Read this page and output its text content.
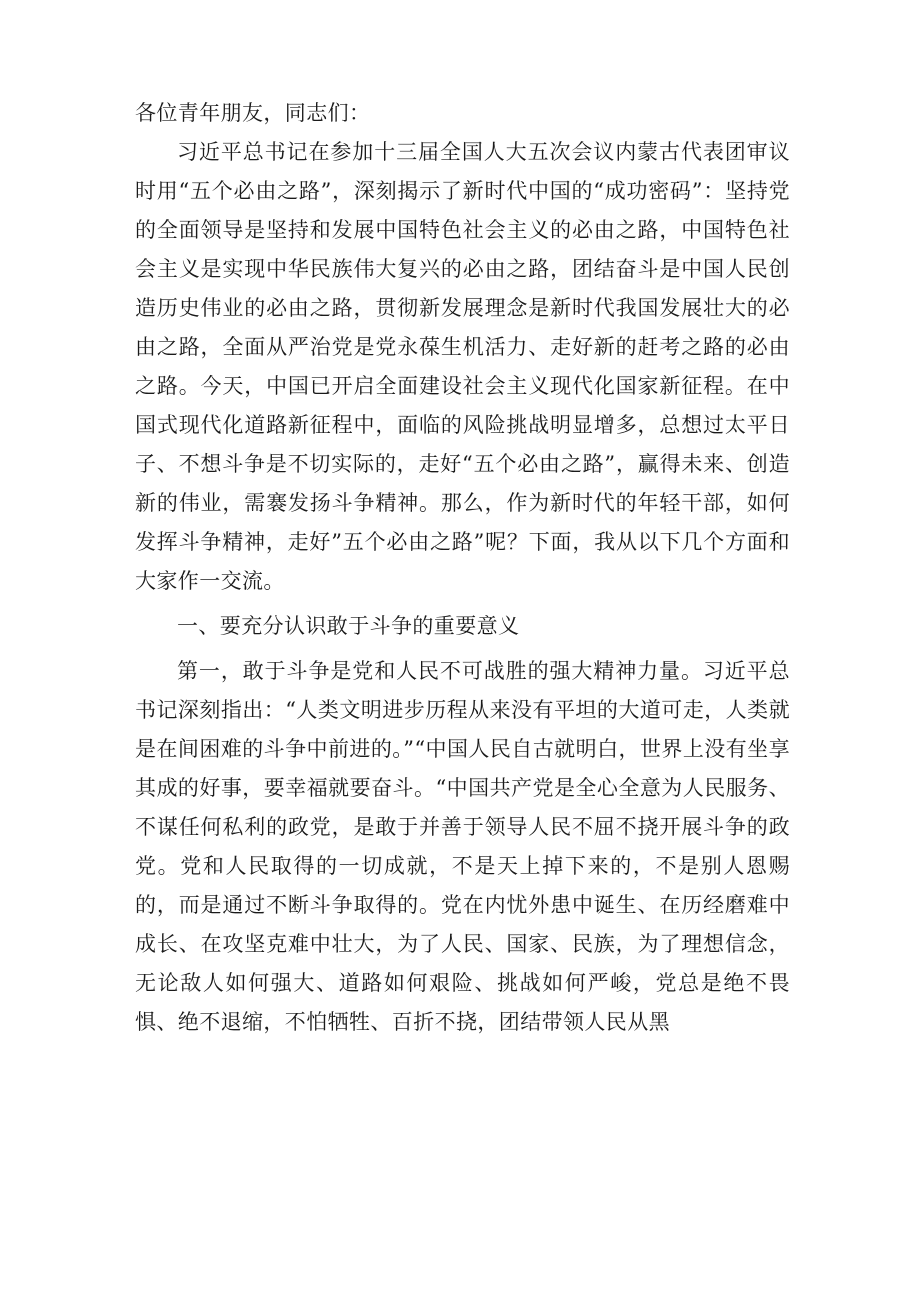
各位青年朋友，同志们：

习近平总书记在参加十三届全国人大五次会议内蒙古代表团审议时用“五个必由之路”，深刻揭示了新时代中国的“成功密码”：坚持党的全面领导是坚持和发展中国特色社会主义的必由之路，中国特色社会主义是实现中华民族伟大复兴的必由之路，团结奋斗是中国人民创造历史伟业的必由之路，贯彻新发展理念是新时代我国发展壮大的必由之路，全面从严治党是党永葆生机活力、走好新的赶考之路的必由之路。今天，中国已开启全面建设社会主义现代化国家新征程。在中国式现代化道路新征程中，面临的风险挑战明显增多，总想过太平日子、不想斗争是不切实际的，走好“五个必由之路”，赢得未来、创造新的伟业，需褰发扬斗争精神。那么，作为新时代的年轻干部，如何发挥斗争精神，走好”五个必由之路”呢？下面，我从以下几个方面和大家作一交流。

一、要充分认识敢于斗争的重要意义

第一，敢于斗争是党和人民不可战胜的强大精神力量。习近平总书记深刻指出：“人类文明进步历程从来没有平坦的大道可走，人类就是在间困难的斗争中前进的。”“中国人民自古就明白，世界上没有坐享其成的好事，要幸福就要奋斗。“中国共产党是全心全意为人民服务、不谋任何私利的政党，是敢于并善于领导人民不屈不挠开展斗争的政党。党和人民取得的一切成就，不是天上掉下来的，不是别人恩赐的，而是通过不断斗争取得的。党在内忧外患中诞生、在历经磨难中成长、在攻坚克难中壮大，为了人民、国家、民族，为了理想信念，无论敌人如何强大、道路如何艰险、挑战如何严峻，党总是绝不畏惧、绝不退缩，不怕牺牲、百折不挠，团结带领人民从黑
